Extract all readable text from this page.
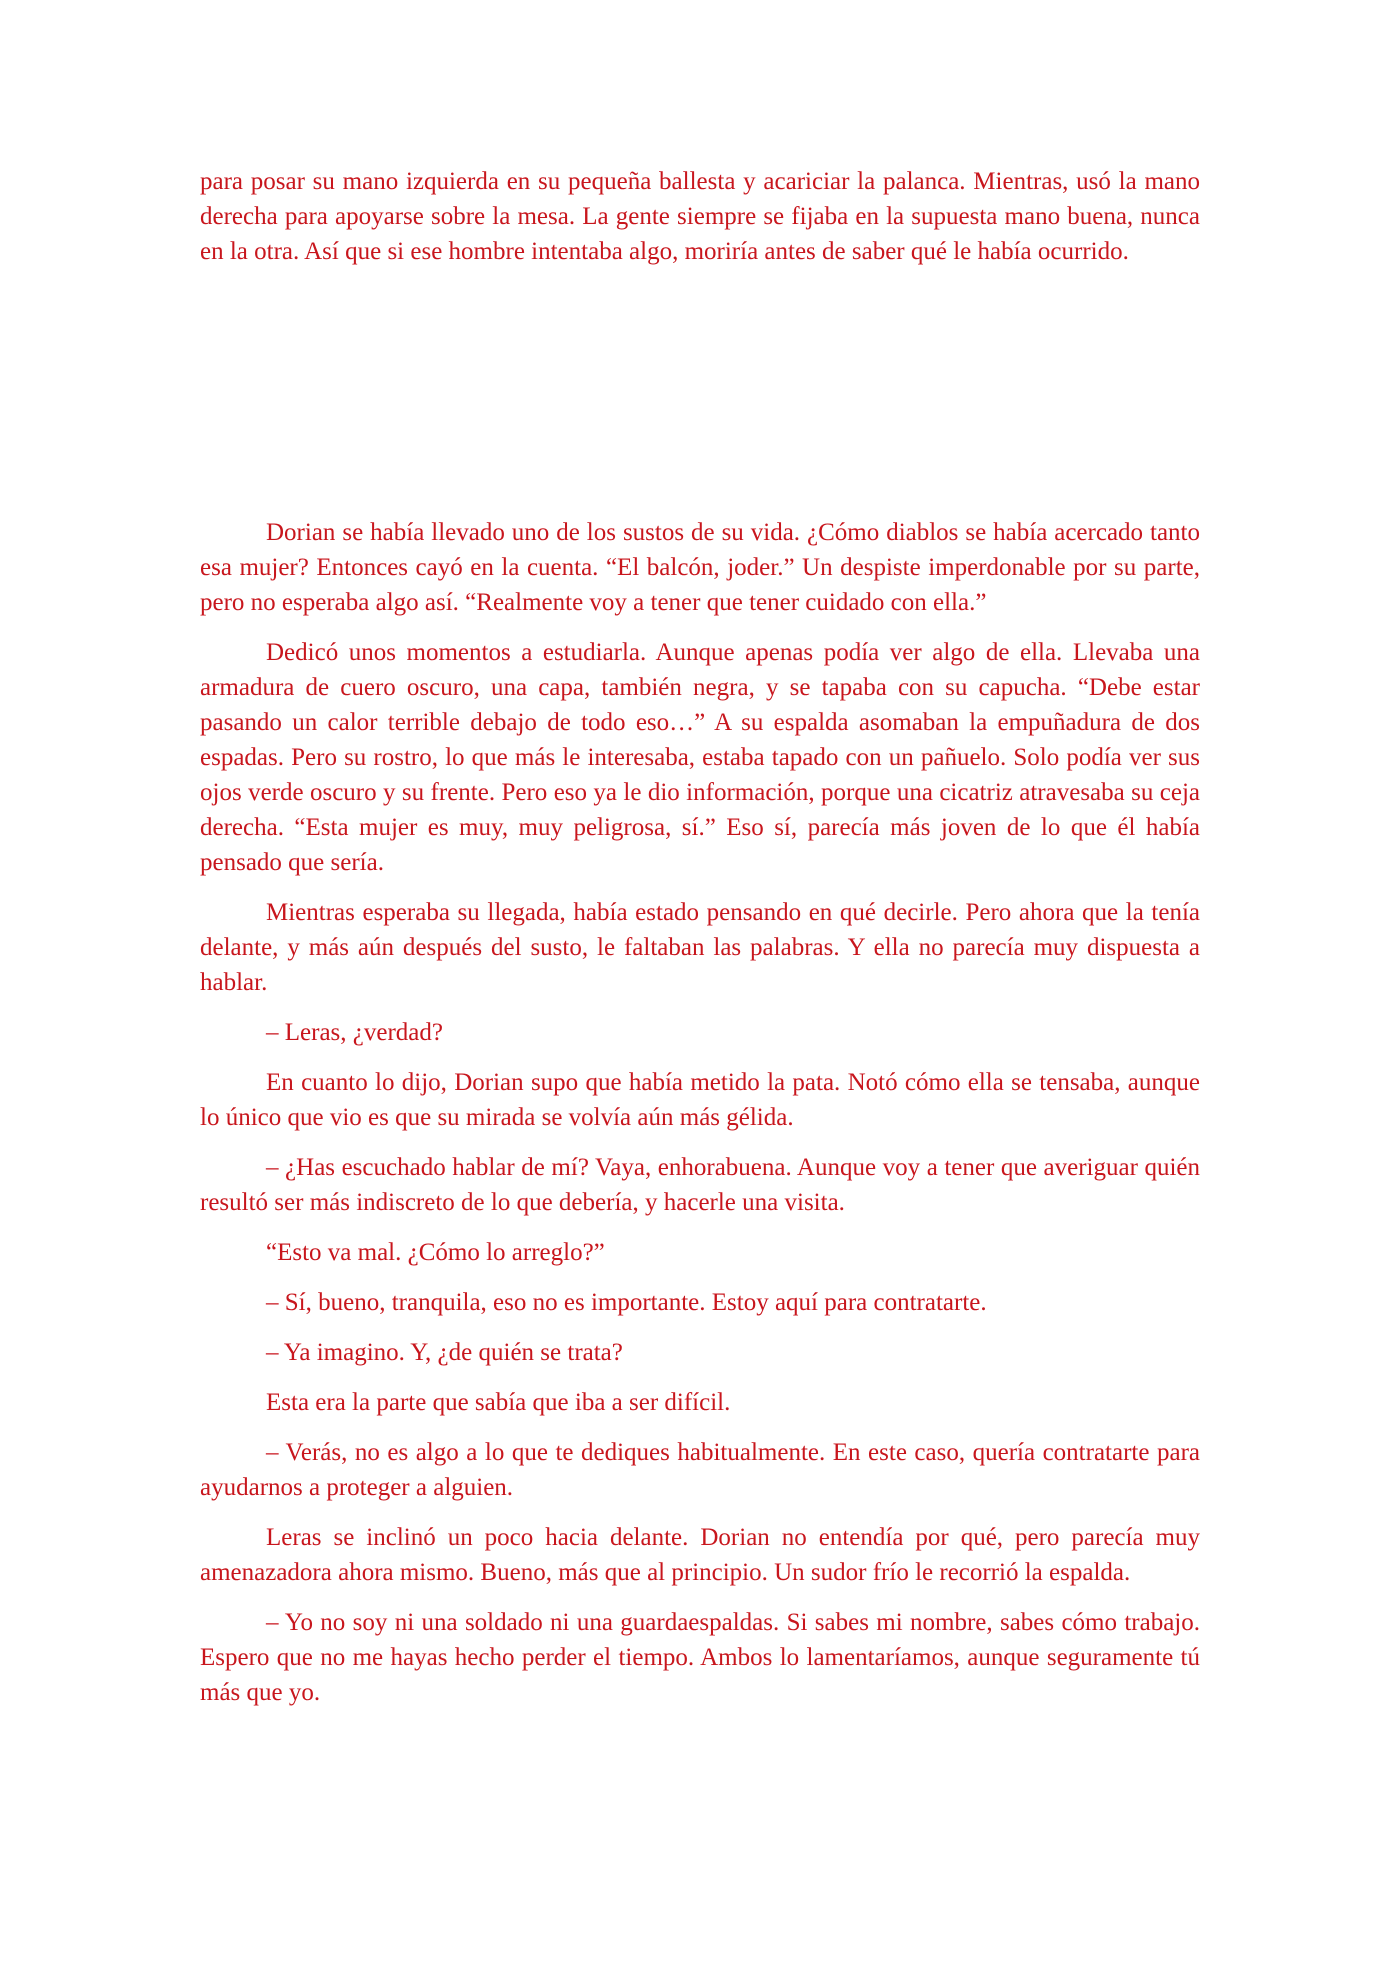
para posar su mano izquierda en su pequeña ballesta y acariciar la palanca. Mientras, usó la mano derecha para apoyarse sobre la mesa. La gente siempre se fijaba en la supuesta mano buena, nunca en la otra. Así que si ese hombre intentaba algo, moriría antes de saber qué le había ocurrido.

Dorian se había llevado uno de los sustos de su vida. ¿Cómo diablos se había acercado tanto esa mujer? Entonces cayó en la cuenta. “El balcón, joder.” Un despiste imperdonable por su parte, pero no esperaba algo así. “Realmente voy a tener que tener cuidado con ella.”

Dedicó unos momentos a estudiarla. Aunque apenas podía ver algo de ella. Llevaba una armadura de cuero oscuro, una capa, también negra, y se tapaba con su capucha. “Debe estar pasando un calor terrible debajo de todo eso…” A su espalda asomaban la empuñadura de dos espadas. Pero su rostro, lo que más le interesaba, estaba tapado con un pañuelo. Solo podía ver sus ojos verde oscuro y su frente. Pero eso ya le dio información, porque una cicatriz atravesaba su ceja derecha. “Esta mujer es muy, muy peligrosa, sí.” Eso sí, parecía más joven de lo que él había pensado que sería.

Mientras esperaba su llegada, había estado pensando en qué decirle. Pero ahora que la tenía delante, y más aún después del susto, le faltaban las palabras. Y ella no parecía muy dispuesta a hablar.

– Leras, ¿verdad?

En cuanto lo dijo, Dorian supo que había metido la pata. Notó cómo ella se tensaba, aunque lo único que vio es que su mirada se volvía aún más gélida.

– ¿Has escuchado hablar de mí? Vaya, enhorabuena. Aunque voy a tener que averiguar quién resultó ser más indiscreto de lo que debería, y hacerle una visita.

“Esto va mal. ¿Cómo lo arreglo?”

– Sí, bueno, tranquila, eso no es importante. Estoy aquí para contratarte.

– Ya imagino. Y, ¿de quién se trata?

Esta era la parte que sabía que iba a ser difícil.

– Verás, no es algo a lo que te dediques habitualmente. En este caso, quería contratarte para ayudarnos a proteger a alguien.

Leras se inclinó un poco hacia delante. Dorian no entendía por qué, pero parecía muy amenazadora ahora mismo. Bueno, más que al principio. Un sudor frío le recorrió la espalda.

– Yo no soy ni una soldado ni una guardaespaldas. Si sabes mi nombre, sabes cómo trabajo. Espero que no me hayas hecho perder el tiempo. Ambos lo lamentaríamos, aunque seguramente tú más que yo.
